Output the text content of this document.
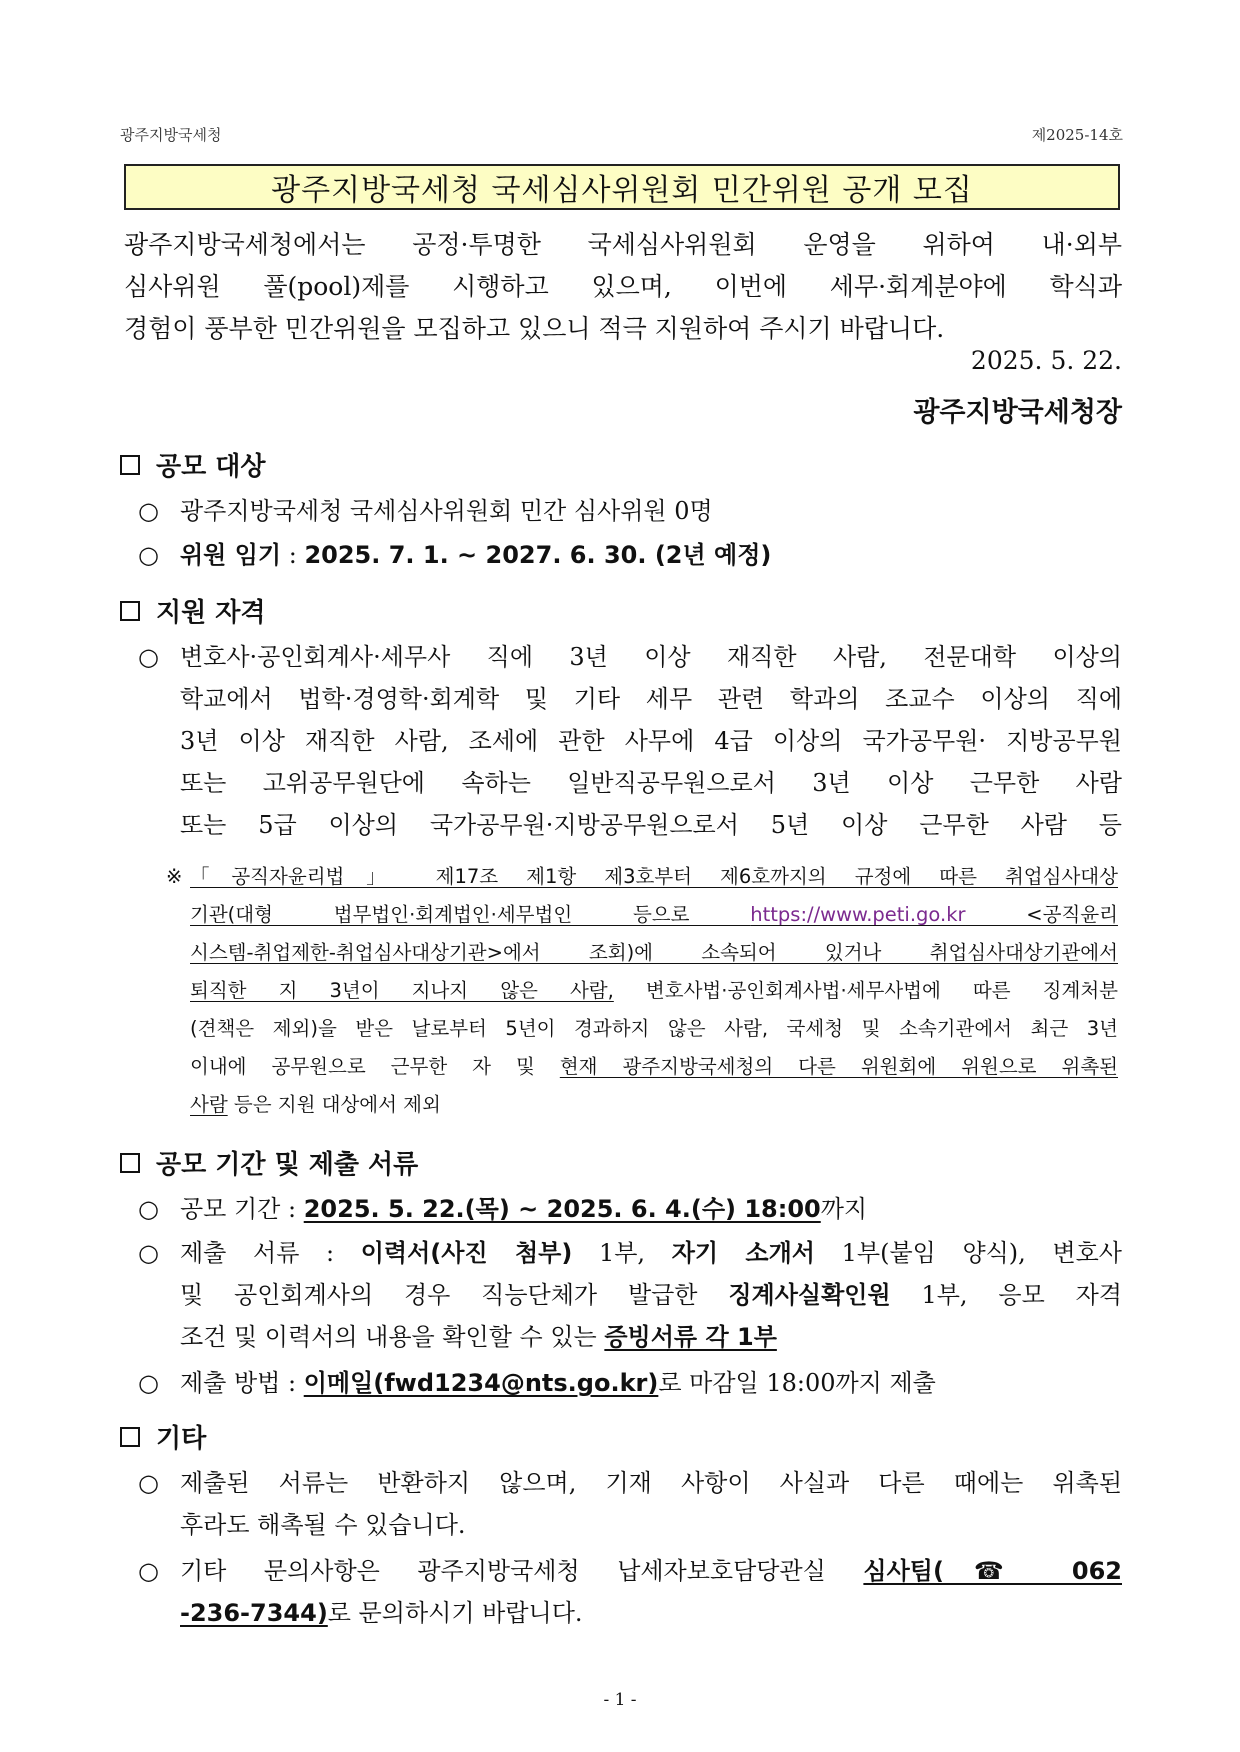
광주지방국세청	제2025-14호
광주지방국세청 국세심사위원회 민간위원 공개 모집
광주지방국세청에서는 공정·투명한 국세심사위원회 운영을 위하여 내·외부
심사위원 풀(pool)제를 시행하고 있으며, 이번에 세무·회계분야에 학식과
경험이 풍부한 민간위원을 모집하고 있으니 적극 지원하여 주시기 바랍니다.
2025. 5. 22.
광주지방국세청장
공모 대상
○ 광주지방국세청 국세심사위원회 민간 심사위원 0명
○ 위원 임기 : 2025. 7. 1. ~ 2027. 6. 30. (2년 예정)
지원 자격
○ 변호사·공인회계사·세무사 직에 3년 이상 재직한 사람, 전문대학 이상의
학교에서 법학·경영학·회계학 및 기타 세무 관련 학과의 조교수 이상의 직에
3년 이상 재직한 사람, 조세에 관한 사무에 4급 이상의 국가공무원· 지방공무원
또는 고위공무원단에 속하는 일반직공무원으로서 3년 이상 근무한 사람
또는 5급 이상의 국가공무원·지방공무원으로서 5년 이상 근무한 사람 등
※ 「공직자윤리법」 제17조 제1항 제3호부터 제6호까지의 규정에 따른 취업심사대상
기관(대형 법무법인·회계법인·세무법인 등으로 https://www.peti.go.kr <공직윤리
시스템-취업제한-취업심사대상기관>에서 조회)에 소속되어 있거나 취업심사대상기관에서
퇴직한 지 3년이 지나지 않은 사람, 변호사법·공인회계사법·세무사법에 따른 징계처분
(견책은 제외)을 받은 날로부터 5년이 경과하지 않은 사람, 국세청 및 소속기관에서 최근 3년
이내에 공무원으로 근무한 자 및 현재 광주지방국세청의 다른 위원회에 위원으로 위촉된
사람 등은 지원 대상에서 제외
공모 기간 및 제출 서류
○ 공모 기간 : 2025. 5. 22.(목) ~ 2025. 6. 4.(수) 18:00까지
○ 제출 서류 : 이력서(사진 첨부) 1부, 자기 소개서 1부(붙임 양식), 변호사
및 공인회계사의 경우 직능단체가 발급한 징계사실확인원 1부, 응모 자격
조건 및 이력서의 내용을 확인할 수 있는 증빙서류 각 1부
○ 제출 방법 : 이메일(fwd1234@nts.go.kr)로 마감일 18:00까지 제출
기타
○ 제출된 서류는 반환하지 않으며, 기재 사항이 사실과 다른 때에는 위촉된
후라도 해촉될 수 있습니다.
○ 기타 문의사항은 광주지방국세청 납세자보호담당관실 심사팀(☎ 062
-236-7344)로 문의하시기 바랍니다.
- 1 -
